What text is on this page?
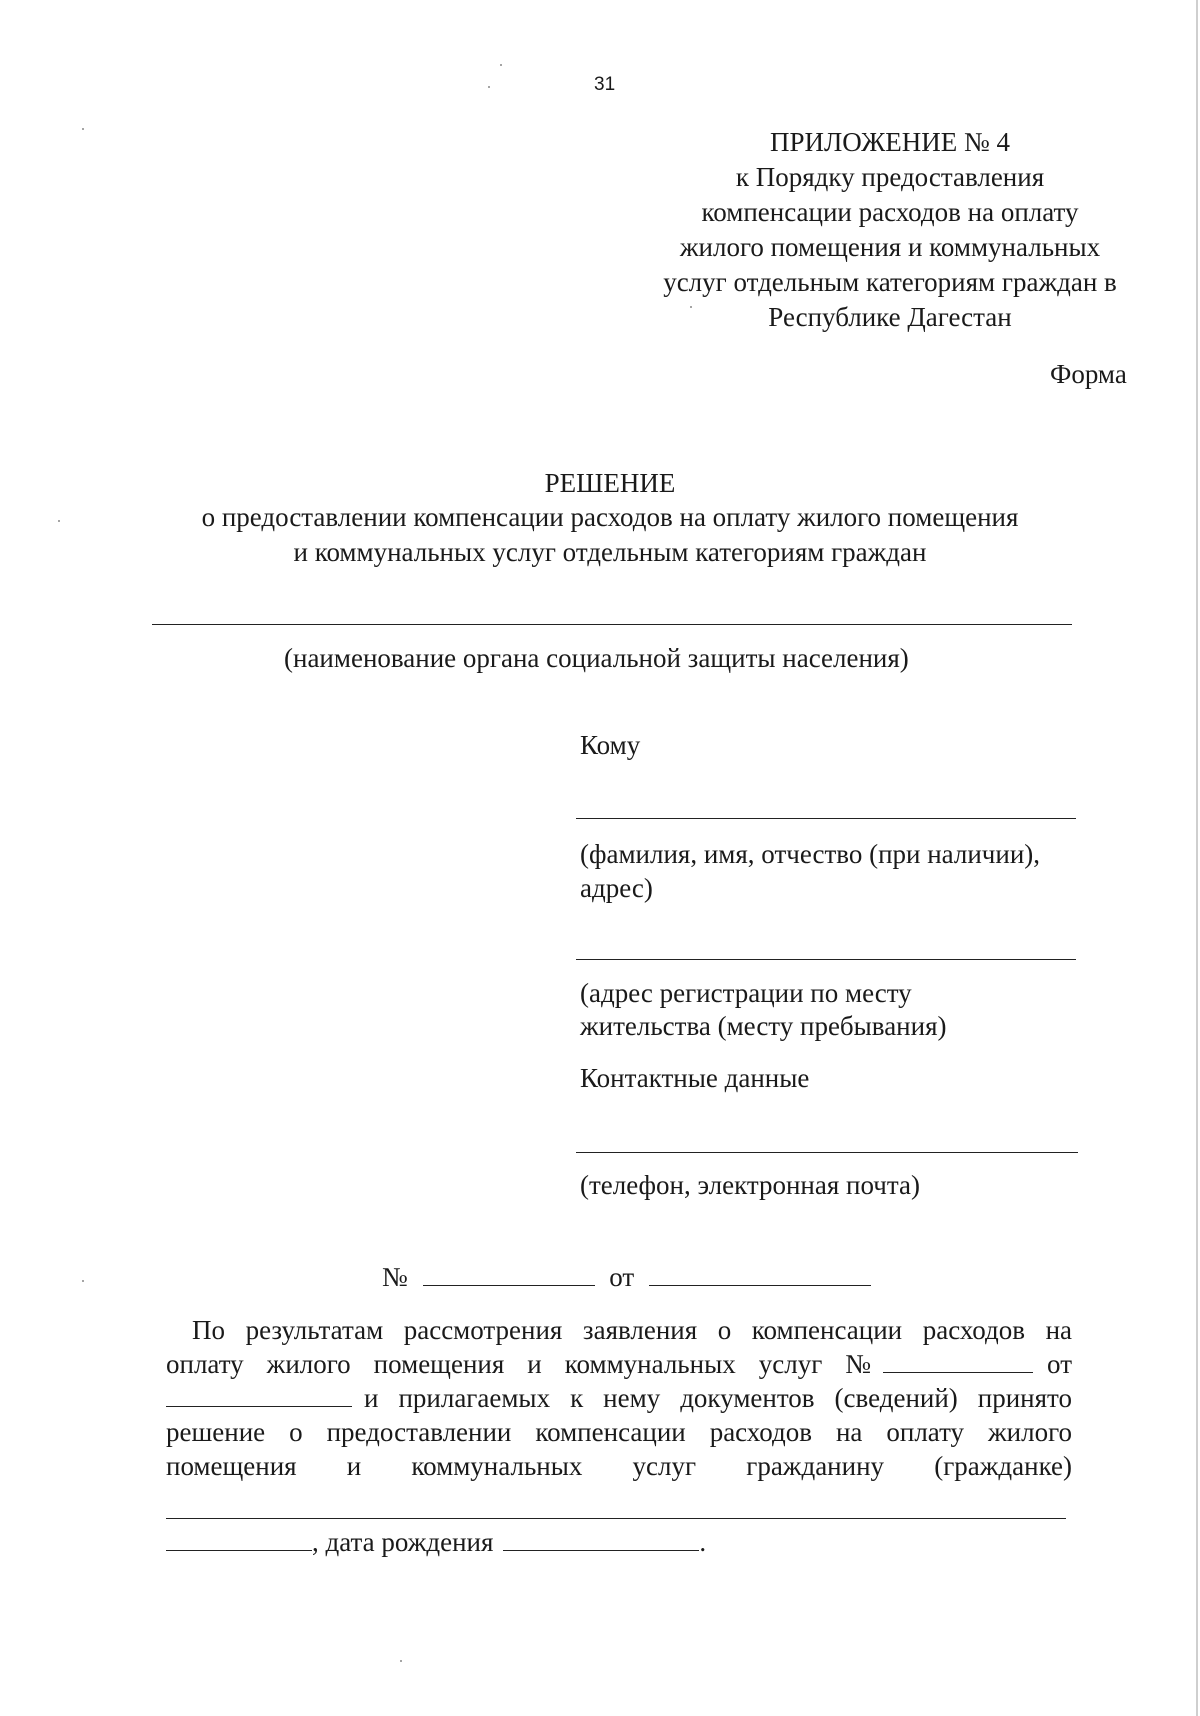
31
ПРИЛОЖЕНИЕ № 4
к Порядку предоставления
компенсации расходов на оплату
жилого помещения и коммунальных
услуг отдельным категориям граждан в
Республике Дагестан
Форма
РЕШЕНИЕ
о предоставлении компенсации расходов на оплату жилого помещения
и коммунальных услуг отдельным категориям граждан
(наименование органа социальной защиты населения)
Кому
(фамилия, имя, отчество (при наличии),
адрес)
(адрес регистрации по месту
жительства (месту пребывания)
Контактные данные
(телефон, электронная почта)
№	от
По результатам рассмотрения заявления о компенсации расходов на
оплату жилого помещения и коммунальных услуг №	от
и прилагаемых к нему документов (сведений) принято
решение о предоставлении компенсации расходов на оплату жилого
помещения и коммунальных услуг гражданину (гражданке)
, дата рождения	.
